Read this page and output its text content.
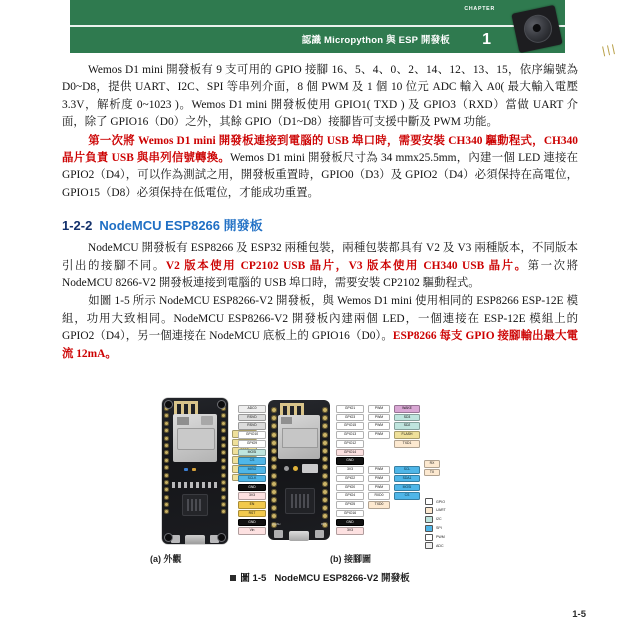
認識 Micropython 與 ESP 開發板
CHAPTER
1

Wemos D1 mini 開發板有 9 支可用的 GPIO 接腳 16、5、4、0、2、14、12、13、15，依序編號為 D0~D8，提供 UART、I2C、SPI 等串列介面，8 個 PWM 及 1 個 10 位元 ADC 輸入 A0( 最大輸入電壓 3.3V，解析度 0~1023 )。Wemos D1 mini 開發板使用 GPIO1( TXD ) 及 GPIO3（RXD）當做 UART 介面，除了 GPIO16（D0）之外，其餘 GPIO（D1~D8）接腳皆可支援中斷及 PWM 功能。

第一次將 Wemos D1 mini 開發板連接到電腦的 USB 埠口時，需要安裝 CH340 驅動程式，CH340 晶片負責 USB 與串列信號轉換。Wemos D1 mini 開發板尺寸為 34 mmx25.5mm，內建一個 LED 連接在 GPIO2（D4），可以作為測試之用，開發板重置時，GPIO0（D3）及 GPIO2（D4）必須保持在高電位，GPIO15（D8）必須保持在低電位，才能成功重置。

1-2-2 NodeMCU ESP8266 開發板

NodeMCU 開發板有 ESP8266 及 ESP32 兩種包裝，兩種包裝都具有 V2 及 V3 兩種版本，不同版本引出的接腳不同。V2 版本使用 CP2102 USB 晶片，V3 版本使用 CH340 USB 晶片。第一次將 NodeMCU 8266-V2 開發板連接到電腦的 USB 埠口時，需要安裝 CP2102 驅動程式。

如圖 1-5 所示 NodeMCU ESP8266-V2 開發板，與 Wemos D1 mini 使用相同的 ESP8266 ESP-12E 模組，功用大致相同。NodeMCU ESP8266-V2 開發板內建兩個 LED，一個連接在 ESP-12E 模組上的 GPIO2（D4），另一個連接在 NodeMCU 底板上的 GPIO16（D0）。ESP8266 每支 GPIO 接腳輸出最大電流 12mA。

ADC0
RSVD
RSVD
GPIO10
GPIO9
MOSI
CS
MISO
SCLK
GND
3V3
EN
RST
GND
Vin
FLASH	RST
GPIO1
GPIO3
GPIO15
GPIO13
GPIO12
GPIO14
GND
3V3
GPIO2
GPIO0
GPIO4
GPIO5
GPIO16
GND
3V3
PWM
PWM
PWM
PWM
PWM
PWM
PWM
RXD0
TXD0
WAKE
SD3
SD2
FLASH
TXD1
SCL
SDA1
MOSI
CS
RX
TX
GPIO
UART
I2C
SPI
PWM
ADC
(a) 外觀	(b) 接腳圖
圖 1-5 NodeMCU ESP8266-V2 開發板
1-5
